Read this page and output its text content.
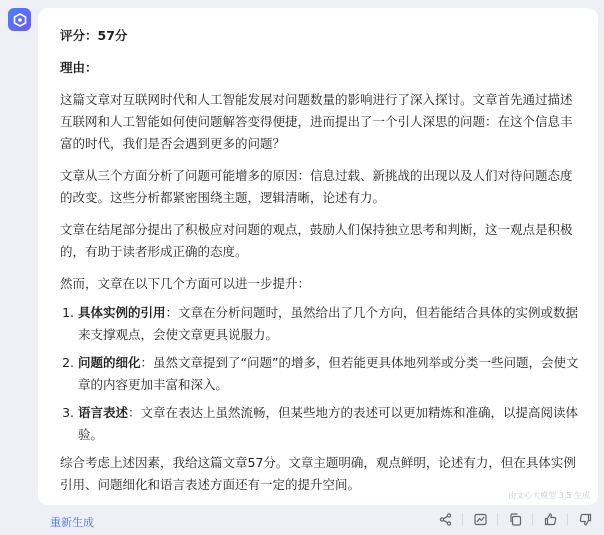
评分：57分

理由：

这篇文章对互联网时代和人工智能发展对问题数量的影响进行了深入探讨。文章首先通过描述互联网和人工智能如何使问题解答变得便捷，进而提出了一个引人深思的问题：在这个信息丰富的时代，我们是否会遇到更多的问题？

文章从三个方面分析了问题可能增多的原因：信息过载、新挑战的出现以及人们对待问题态度的改变。这些分析都紧密围绕主题，逻辑清晰，论述有力。

文章在结尾部分提出了积极应对问题的观点，鼓励人们保持独立思考和判断，这一观点是积极的，有助于读者形成正确的态度。

然而，文章在以下几个方面可以进一步提升：

1. 具体实例的引用：文章在分析问题时，虽然给出了几个方向，但若能结合具体的实例或数据来支撑观点，会使文章更具说服力。
2. 问题的细化：虽然文章提到了“问题”的增多，但若能更具体地列举或分类一些问题，会使文章的内容更加丰富和深入。
3. 语言表述：文章在表达上虽然流畅，但某些地方的表述可以更加精炼和准确，以提高阅读体验。

综合考虑上述因素，我给这篇文章57分。文章主题明确，观点鲜明，论述有力，但在具体实例引用、问题细化和语言表述方面还有一定的提升空间。

由文心大模型 3.5 生成
重新生成
